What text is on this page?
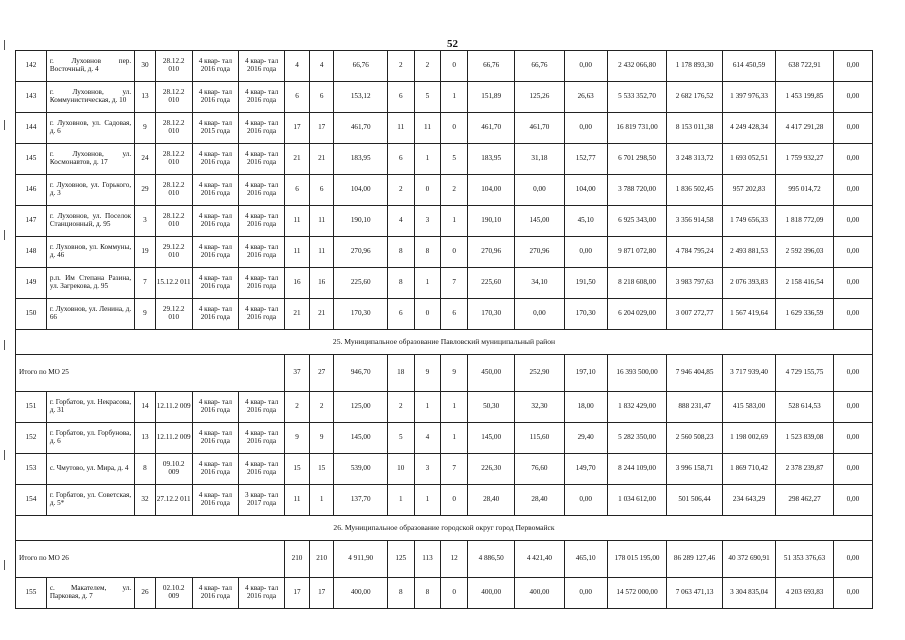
52
142	г. Луховнов пер. Восточный, д. 4	30	28.12.2 010	4 квар- тал 2016 года	4 квар- тал 2016 года	4	4	66,76	2	2	0	66,76	66,76	0,00	2 432 066,80	1 178 893,30	614 450,59	638 722,91	0,00
143	г. Луховнов, ул. Коммунистическая, д. 10	13	28.12.2 010	4 квар- тал 2016 года	4 квар- тал 2016 года	6	6	153,12	6	5	1	151,89	125,26	26,63	5 533 352,70	2 682 176,52	1 397 976,33	1 453 199,85	0,00
144	г. Луховнов, ул. Садовая, д. 6	9	28.12.2 010	4 квар- тал 2015 года	4 квар- тал 2016 года	17	17	461,70	11	11	0	461,70	461,70	0,00	16 819 731,00	8 153 011,38	4 249 428,34	4 417 291,28	0,00
145	г. Луховнов, ул. Космонавтов, д. 17	24	28.12.2 010	4 квар- тал 2016 года	4 квар- тал 2016 года	21	21	183,95	6	1	5	183,95	31,18	152,77	6 701 298,50	3 248 313,72	1 693 052,51	1 759 932,27	0,00
146	г. Луховнов, ул. Горького, д. 3	29	28.12.2 010	4 квар- тал 2016 года	4 квар- тал 2016 года	6	6	104,00	2	0	2	104,00	0,00	104,00	3 788 720,00	1 836 502,45	957 202,83	995 014,72	0,00
147	г. Луховнов, ул. Поселок Станционный, д. 95	3	28.12.2 010	4 квар- тал 2016 года	4 квар- тал 2016 года	11	11	190,10	4	3	1	190,10	145,00	45,10	6 925 343,00	3 356 914,58	1 749 656,33	1 818 772,09	0,00
148	г. Луховнов, ул. Коммуны, д. 46	19	29.12.2 010	4 квар- тал 2016 года	4 квар- тал 2016 года	11	11	270,96	8	8	0	270,96	270,96	0,00	9 871 072,80	4 784 795,24	2 493 881,53	2 592 396,03	0,00
149	р.п. Им Степана Разина, ул. Загрекова, д. 95	7	15.12.2 011	4 квар- тал 2016 года	4 квар- тал 2016 года	16	16	225,60	8	1	7	225,60	34,10	191,50	8 218 608,00	3 983 797,63	2 076 393,83	2 158 416,54	0,00
150	г. Луховнов, ул. Ленина, д. 66	9	29.12.2 010	4 квар- тал 2016 года	4 квар- тал 2016 года	21	21	170,30	6	0	6	170,30	0,00	170,30	6 204 029,00	3 007 272,77	1 567 419,64	1 629 336,59	0,00
25. Муниципальное образование Павловский муниципальный район																			
Итого по МО 25						37	27	946,70	18	9	9	450,00	252,90	197,10	16 393 500,00	7 946 404,85	3 717 939,40	4 729 155,75	0,00
151	г. Горбатов, ул. Некрасова, д. 31	14	12.11.2 009	4 квар- тал 2016 года	4 квар- тал 2016 года	2	2	125,00	2	1	1	50,30	32,30	18,00	1 832 429,00	888 231,47	415 583,00	528 614,53	0,00
152	г. Горбатов, ул. Горбунова, д. 6	13	12.11.2 009	4 квар- тал 2016 года	4 квар- тал 2016 года	9	9	145,00	5	4	1	145,00	115,60	29,40	5 282 350,00	2 560 508,23	1 198 002,69	1 523 839,08	0,00
153	с. Чмутово, ул. Мира, д. 4	8	09.10.2 009	4 квар- тал 2016 года	4 квар- тал 2016 года	15	15	539,00	10	3	7	226,30	76,60	149,70	8 244 109,00	3 996 158,71	1 869 710,42	2 378 239,87	0,00
154	г. Горбатов, ул. Советская, д. 5*	32	27.12.2 011	4 квар- тал 2016 года	3 квар- тал 2017 года	11	1	137,70	1	1	0	28,40	28,40	0,00	1 034 612,00	501 506,44	234 643,29	298 462,27	0,00
26. Муниципальное образование городской округ город Первомайск																			
Итого по МО 26						210	210	4 911,90	125	113	12	4 886,50	4 421,40	465,10	178 015 195,00	86 289 127,46	40 372 690,91	51 353 376,63	0,00
155	с. Макателем, ул. Парковая, д. 7	26	02.10.2 009	4 квар- тал 2016 года	4 квар- тал 2016 года	17	17	400,00	8	8	0	400,00	400,00	0,00	14 572 000,00	7 063 471,13	3 304 835,04	4 203 693,83	0,00
